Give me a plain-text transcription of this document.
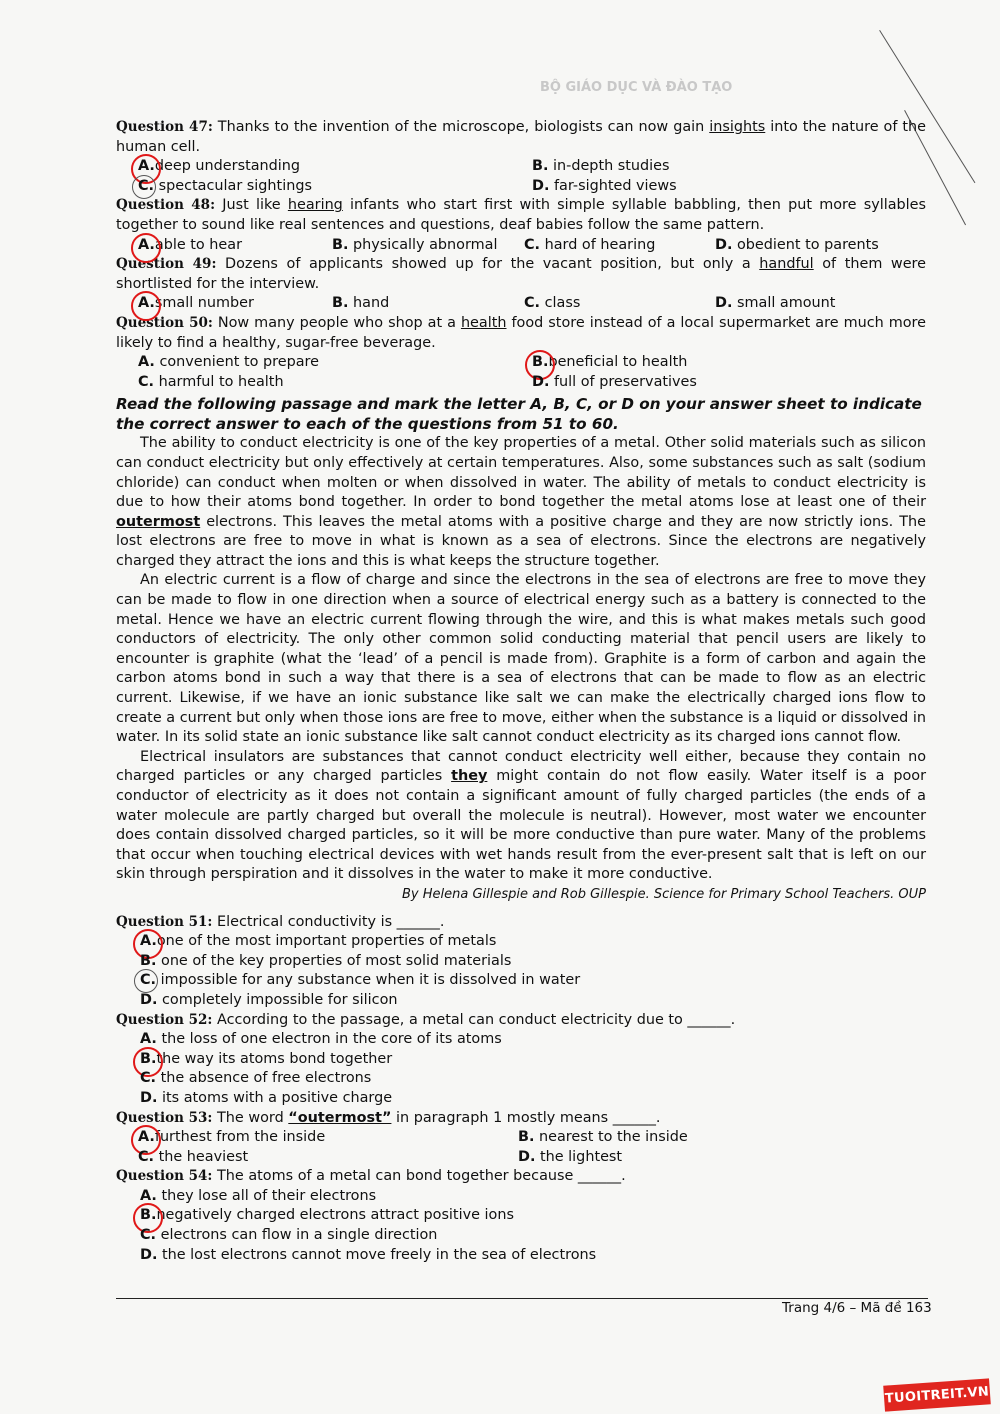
BỘ GIÁO DỤC VÀ ĐÀO TẠO

Question 47: Thanks to the invention of the microscope, biologists can now gain insights into the nature of the human cell.

A.deep understanding	B. in-depth studies
C. spectacular sightings	D. far-sighted views

Question 48: Just like hearing infants who start first with simple syllable babbling, then put more syllables together to sound like real sentences and questions, deaf babies follow the same pattern.

A.able to hear	B. physically abnormal	C. hard of hearing	D. obedient to parents

Question 49: Dozens of applicants showed up for the vacant position, but only a handful of them were shortlisted for the interview.

A.small number	B. hand	C. class	D. small amount

Question 50: Now many people who shop at a health food store instead of a local supermarket are much more likely to find a healthy, sugar-free beverage.

A. convenient to prepare	B.beneficial to health
C. harmful to health	D. full of preservatives

Read the following passage and mark the letter A, B, C, or D on your answer sheet to indicate the correct answer to each of the questions from 51 to 60.

The ability to conduct electricity is one of the key properties of a metal. Other solid materials such as silicon can conduct electricity but only effectively at certain temperatures. Also, some substances such as salt (sodium chloride) can conduct when molten or when dissolved in water. The ability of metals to conduct electricity is due to how their atoms bond together. In order to bond together the metal atoms lose at least one of their outermost electrons. This leaves the metal atoms with a positive charge and they are now strictly ions. The lost electrons are free to move in what is known as a sea of electrons. Since the electrons are negatively charged they attract the ions and this is what keeps the structure together.

An electric current is a flow of charge and since the electrons in the sea of electrons are free to move they can be made to flow in one direction when a source of electrical energy such as a battery is connected to the metal. Hence we have an electric current flowing through the wire, and this is what makes metals such good conductors of electricity. The only other common solid conducting material that pencil users are likely to encounter is graphite (what the ‘lead’ of a pencil is made from). Graphite is a form of carbon and again the carbon atoms bond in such a way that there is a sea of electrons that can be made to flow as an electric current. Likewise, if we have an ionic substance like salt we can make the electrically charged ions flow to create a current but only when those ions are free to move, either when the substance is a liquid or dissolved in water. In its solid state an ionic substance like salt cannot conduct electricity as its charged ions cannot flow.

Electrical insulators are substances that cannot conduct electricity well either, because they contain no charged particles or any charged particles they might contain do not flow easily. Water itself is a poor conductor of electricity as it does not contain a significant amount of fully charged particles (the ends of a water molecule are partly charged but overall the molecule is neutral). However, most water we encounter does contain dissolved charged particles, so it will be more conductive than pure water. Many of the problems that occur when touching electrical devices with wet hands result from the ever-present salt that is left on our skin through perspiration and it dissolves in the water to make it more conductive.

By Helena Gillespie and Rob Gillespie. Science for Primary School Teachers. OUP

Question 51: Electrical conductivity is ______.

A.one of the most important properties of metals
B. one of the key properties of most solid materials
C. impossible for any substance when it is dissolved in water
D. completely impossible for silicon

Question 52: According to the passage, a metal can conduct electricity due to ______.

A. the loss of one electron in the core of its atoms
B.the way its atoms bond together
C. the absence of free electrons
D. its atoms with a positive charge

Question 53: The word “outermost” in paragraph 1 mostly means ______.

A.furthest from the inside	B. nearest to the inside
C. the heaviest	D. the lightest

Question 54: The atoms of a metal can bond together because ______.

A. they lose all of their electrons
B.negatively charged electrons attract positive ions
C. electrons can flow in a single direction
D. the lost electrons cannot move freely in the sea of electrons
Trang 4/6 – Mã đề 163
TUOITREIT.VN
